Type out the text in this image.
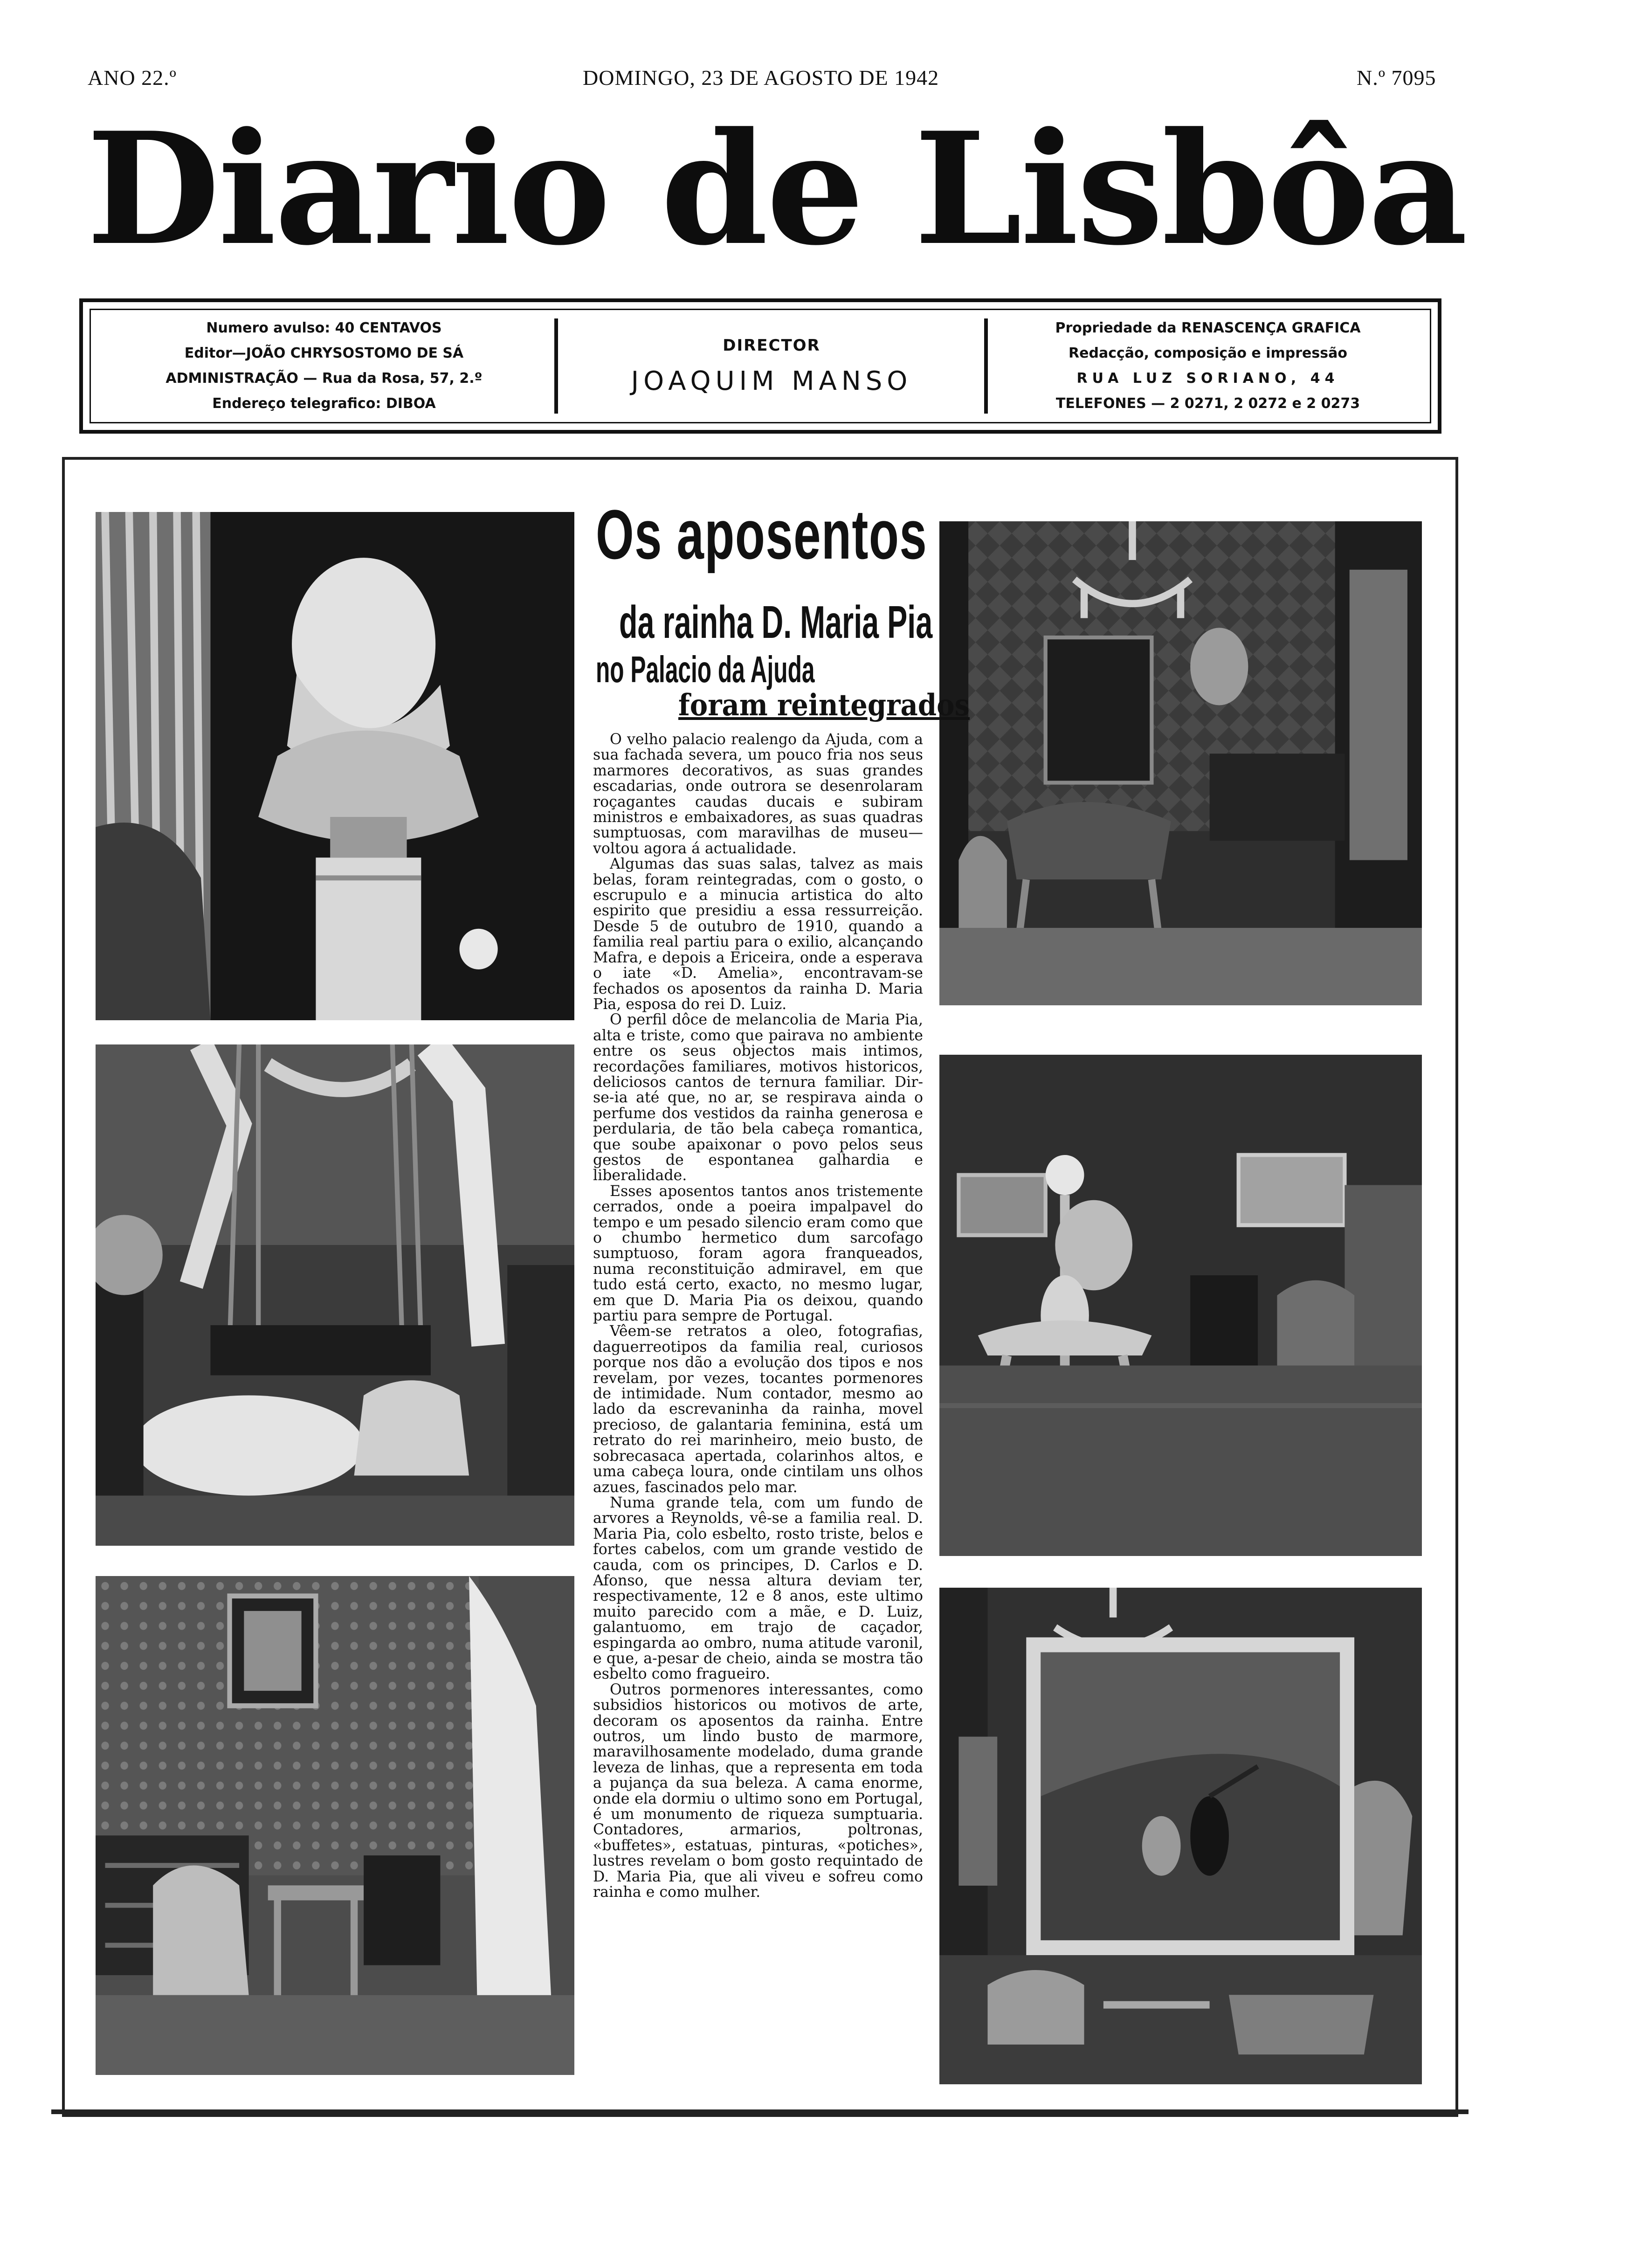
ANO 22.º	DOMINGO, 23 DE AGOSTO DE 1942	N.º 7095
Diario de Lisbôa
Numero avulso: 40 CENTAVOS
Editor—JOÃO CHRYSOSTOMO DE SÁ
ADMINISTRAÇÃO — Rua da Rosa, 57, 2.º
Endereço telegrafico: DIBOA
DIRECTOR
JOAQUIM MANSO
Propriedade da RENASCENÇA GRAFICA
Redacção, composição e impressão
RUA LUZ SORIANO, 44
TELEFONES — 2 0271, 2 0272 e 2 0273
Os aposentos
da rainha D. Maria Pia
no Palacio da Ajuda
foram reintegrados

O velho palacio realengo da Ajuda, com a sua fachada severa, um pouco fria nos seus marmores decorativos, as suas grandes escadarias, onde outrora se desenrolaram roçagantes caudas ducais e subiram ministros e embaixadores, as suas quadras sumptuosas, com maravilhas de museu—voltou agora á actualidade.

Algumas das suas salas, talvez as mais belas, foram reintegradas, com o gosto, o escrupulo e a minucia artistica do alto espirito que presidiu a essa ressurreição. Desde 5 de outubro de 1910, quando a familia real partiu para o exilio, alcançando Mafra, e depois a Ericeira, onde a esperava o iate «D. Amelia», encontravam-se fechados os aposentos da rainha D. Maria Pia, esposa do rei D. Luiz.

O perfil dôce de melancolia de Maria Pia, alta e triste, como que pairava no ambiente entre os seus objectos mais intimos, recordações familiares, motivos historicos, deliciosos cantos de ternura familiar. Dir-se-ia até que, no ar, se respirava ainda o perfume dos vestidos da rainha generosa e perdularia, de tão bela cabeça romantica, que soube apaixonar o povo pelos seus gestos de espontanea galhardia e liberalidade.

Esses aposentos tantos anos tristemente cerrados, onde a poeira impalpavel do tempo e um pesado silencio eram como que o chumbo hermetico dum sarcofago sumptuoso, foram agora franqueados, numa reconstituição admiravel, em que tudo está certo, exacto, no mesmo lugar, em que D. Maria Pia os deixou, quando partiu para sempre de Portugal.

Vêem-se retratos a oleo, fotografias, daguerreotipos da familia real, curiosos porque nos dão a evolução dos tipos e nos revelam, por vezes, tocantes pormenores de intimidade. Num contador, mesmo ao lado da escrevaninha da rainha, movel precioso, de galantaria feminina, está um retrato do rei marinheiro, meio busto, de sobrecasaca apertada, colarinhos altos, e uma cabeça loura, onde cintilam uns olhos azues, fascinados pelo mar.

Numa grande tela, com um fundo de arvores a Reynolds, vê-se a familia real. D. Maria Pia, colo esbelto, rosto triste, belos e fortes cabelos, com um grande vestido de cauda, com os principes, D. Carlos e D. Afonso, que nessa altura deviam ter, respectivamente, 12 e 8 anos, este ultimo muito parecido com a mãe, e D. Luiz, galantuomo, em trajo de caçador, espingarda ao ombro, numa atitude varonil, e que, a-pesar de cheio, ainda se mostra tão esbelto como fragueiro.

Outros pormenores interessantes, como subsidios historicos ou motivos de arte, decoram os aposentos da rainha. Entre outros, um lindo busto de marmore, maravilhosamente modelado, duma grande leveza de linhas, que a representa em toda a pujança da sua beleza. A cama enorme, onde ela dormiu o ultimo sono em Portugal, é um monumento de riqueza sumptuaria. Contadores, armarios, poltronas, «buffetes», estatuas, pinturas, «potiches», lustres revelam o bom gosto requintado de D. Maria Pia, que ali viveu e sofreu como rainha e como mulher.
